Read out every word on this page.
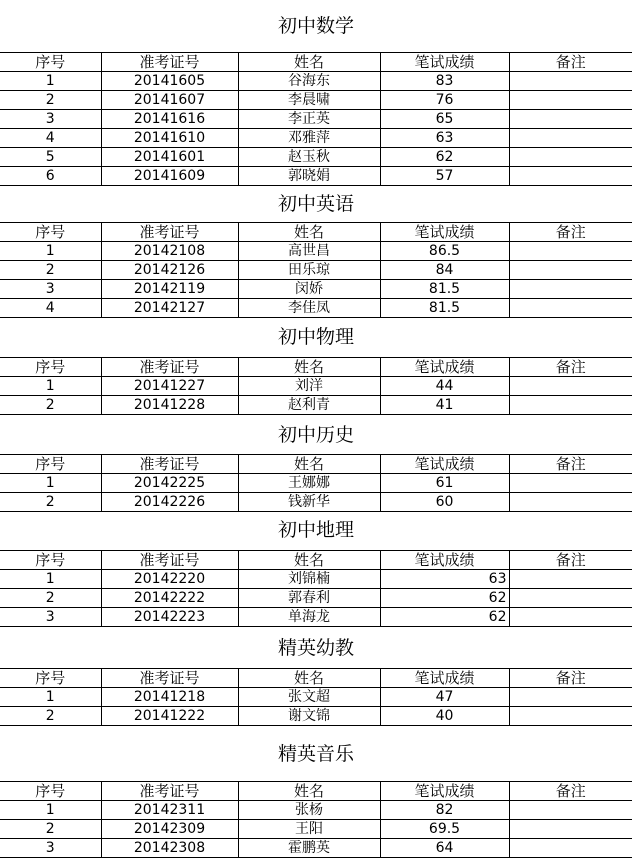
初中数学
序号	准考证号	姓名	笔试成绩	备注
1	20141605	谷海东	83	
2	20141607	李晨啸	76	
3	20141616	李正英	65	
4	20141610	邓雅萍	63	
5	20141601	赵玉秋	62	
6	20141609	郭晓娟	57	
初中英语
序号	准考证号	姓名	笔试成绩	备注
1	20142108	高世昌	86.5	
2	20142126	田乐琼	84	
3	20142119	闵娇	81.5	
4	20142127	李佳凤	81.5	
初中物理
序号	准考证号	姓名	笔试成绩	备注
1	20141227	刘洋	44	
2	20141228	赵利青	41	
初中历史
序号	准考证号	姓名	笔试成绩	备注
1	20142225	王娜娜	61	
2	20142226	钱新华	60	
初中地理
序号	准考证号	姓名	笔试成绩	备注
1	20142220	刘锦楠	63	
2	20142222	郭春利	62	
3	20142223	单海龙	62	
精英幼教
序号	准考证号	姓名	笔试成绩	备注
1	20141218	张文超	47	
2	20141222	谢文锦	40	
精英音乐
序号	准考证号	姓名	笔试成绩	备注
1	20142311	张杨	82	
2	20142309	王阳	69.5	
3	20142308	霍鹏英	64	
